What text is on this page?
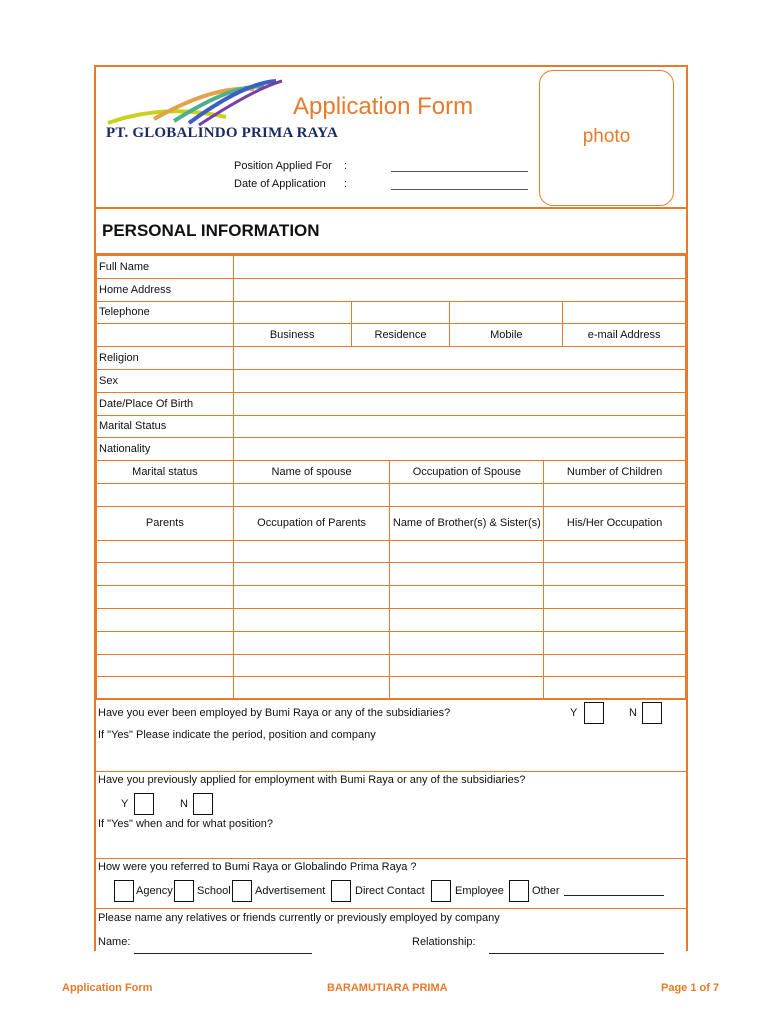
PT. GLOBALINDO PRIMA RAYA
Application Form
photo
Position Applied For :
Date of Application :
PERSONAL INFORMATION
Full Name				
Home Address				
Telephone				
	Business	Residence	Mobile	e-mail Address
Religion				
Sex				
Date/Place Of Birth				
Marital Status				
Nationality				
Marital status	Name of spouse	Occupation of Spouse	Number of Children

Parents	Occupation of Parents	Name of Brother(s) & Sister(s)	His/Her Occupation

Have you ever been employed by Bumi Raya or any of the subsidiaries?	Y	N
If "Yes" Please indicate the period, position and company
Have you previously applied for employment with Bumi Raya or any of the subsidiaries?
Y	N
If "Yes" when and for what position?
How were you referred to Bumi Raya or Globalindo Prima Raya ?
Agency School Advertisement	Direct Contact	Employee	Other
Please name any relatives or friends currently or previously employed by company
Name:	Relationship:
Application Form	BARAMUTIARA PRIMA	Page 1 of 7
